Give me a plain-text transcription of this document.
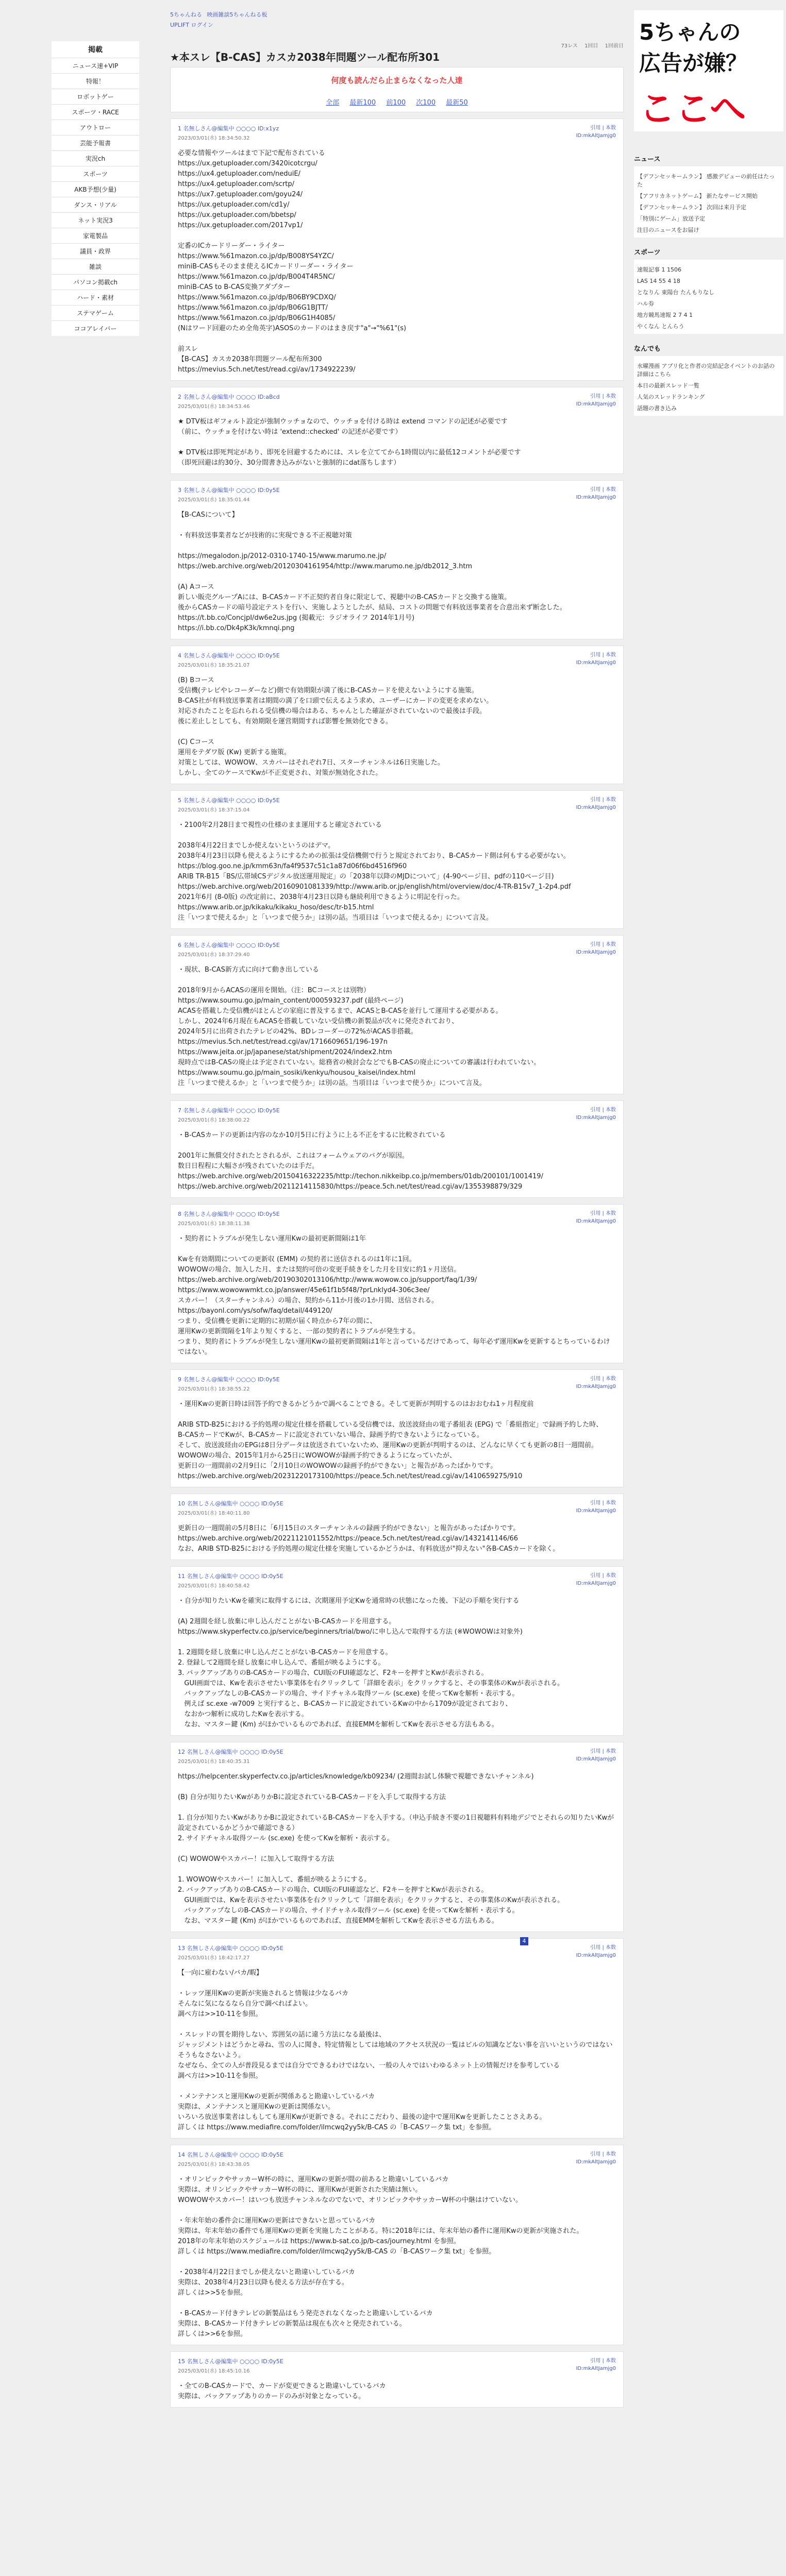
5ちゃんねる 映画雑談5ちゃんねる板
UPLIFT ログイン
掲載
ニュース速+VIP
特報！
ロボットゲー
スポーツ・RACE
アウトロー
芸能予報書
実況ch
スポーツ
AKB予想(少量)
ダンス・リアル
ネット実況3
家電製品
議員・政界
雑談
パソコン掲載ch
ハード・素材
ステマゲーム
ココアレイバー
★本スレ【B-CAS】カスカ2038年問題ツール配布所301
73レス 1回目 1回前日
何度も読んだら止まらなくなった人達
全部 最新100 前100 次100 最新50
1 名無しさん@編集中 ○○○○ ID:x1yz
2023/03/01(水) 18:34:50.32
引用 | 本数
ID:mkAltJamjg0
必要な情報やツールはまで下記で配布されている
https://ux.getuploader.com/3420icotcrgu/
https://ux4.getuploader.com/neduiE/
https://ux4.getuploader.com/scrtp/
https://ux7.getuploader.com/goyu24/
https://ux.getuploader.com/cd1y/
https://ux.getuploader.com/bbetsp/
https://ux.getuploader.com/2017vp1/

定番のICカードリーダー・ライター
https://www.%61mazon.co.jp/dp/B008YS4YZC/
miniB-CASもそのまま使えるICカードリーダー・ライター
https://www.%61mazon.co.jp/dp/B004T4R5NC/
miniB-CAS to B-CAS変換アダプター
https://www.%61mazon.co.jp/dp/B06BY9CDXQ/
https://www.%61mazon.co.jp/dp/B06G1BJTT/
https://www.%61mazon.co.jp/dp/B06G1H4085/
(Nはワード回避のため全角英字)ASOSのカードのはまき戻す"a"→"%61"(s)

前スレ
【B-CAS】カスカ2038年問題ツール配布所300
https://mevius.5ch.net/test/read.cgi/av/1734922239/
2 名無しさん@編集中 ○○○○ ID:aBcd
2025/03/01(水) 18:34:53.46
引用 | 本数
ID:mkAltJamjg0
★ DTV板はギフォルト設定が強制ウッチョなので、ウッチョを付ける時は extend コマンドの記述が必要です
（前に、ウッチョを付けない時は 'extend::checked' の記述が必要です）

★ DTV板は即死判定があり、即死を回避するためには、スレを立ててから1時間以内に最低12コメントが必要です
（即死回避は約30分、30分間書き込みがないと強制的にdat落ちします）
3 名無しさん@編集中 ○○○○ ID:0y5E
2025/03/01(水) 18:35:01.44
引用 | 本数
ID:mkAltJamjg0
【B-CASについて】

・有料放送事業者などが技術的に実現できる不正視聴対策

https://megalodon.jp/2012-0310-1740-15/www.marumo.ne.jp/
https://web.archive.org/web/20120304161954/http://www.marumo.ne.jp/db2012_3.htm

(A) Aコース
新しい販売グループAには、B-CASカード不正契約者自身に限定して、視聴中のB-CASカードと交換する施策。
後からCASカードの暗号設定テストを行い、実施しようとしたが、結局、コストの問題で有料放送事業者を合意出来ず断念した。
https://t.bb.co/ConcjpI/dw6e2us.jpg (掲載元：ラジオライフ 2014年1月号)
https://i.bb.co/Dk4pK3k/kmnqi.png
4 名無しさん@編集中 ○○○○ ID:0y5E
2025/03/01(水) 18:35:21.07
引用 | 本数
ID:mkAltJamjg0
(B) Bコース
受信機(テレビやレコーダーなど)側で有効期限が満了後にB-CASカードを使えないようにする施策。
B-CAS社が有料放送事業者は期間の満了を口頭で伝えるよう求め、ユーザーにカードの変更を求めない。
対応されたことを忘れられる受信機の場合はある、ちゃんとした確証がされていないので最後は手段。
後に差止しとしても、有効期限を運営期間すれば影響を無効化できる。

(C) Cコース
運用をテダワ版 (Kw) 更新する施策。
対策としては、WOWOW、スカパーはそれぞれ7日、スターチャンネルは6日実施した。
しかし、全てのケースでKwが不正変更され、対策が無効化された。
5 名無しさん@編集中 ○○○○ ID:0y5E
2025/03/01(水) 18:37:15.04
引用 | 本数
ID:mkAltJamjg0
・2100年2月28日まで視性の仕様のまま運用すると確定されている

2038年4月22日までしか使えないというのはデマ。
2038年4月23日以降も使えるようにするための拡張は受信機側で行うと規定されており、B-CASカード側は何もする必要がない。
https://blog.goo.ne.jp/kmm63n/fa4f9537c51c1a87d06f6bd4516f960
ARIB TR-B15「BS/広帯域CSデジタル放送運用規定」の「2038年以降のMJDについて」(4-90ページ目、pdfの110ページ目)
https://web.archive.org/web/20160901081339/http://www.arib.or.jp/english/html/overview/doc/4-TR-B15v7_1-2p4.pdf
2021年6月 (8-0版) の改定前に、2038年4月23日以降も継続利用できるように明記を行った。
https://www.arib.or.jp/kikaku/kikaku_hoso/desc/tr-b15.html
注「いつまで使えるか」と「いつまで使うか」は別の話。当項目は「いつまで使えるか」について言及。
6 名無しさん@編集中 ○○○○ ID:0y5E
2025/03/01(水) 18:37:29.40
引用 | 本数
ID:mkAltJamjg0
・現状、B-CAS新方式に向けて動き出している

2018年9月からACASの運用を開始。（注：BCコースとは別物）
https://www.soumu.go.jp/main_content/000593237.pdf (最終ページ)
ACASを搭載した受信機がほとんどの家庭に普及するまで、ACASとB-CASを並行して運用する必要がある。
しかし、2024年6月現在もACASを搭載していない受信機の新製品が次々に発売されており、
2024年5月に出荷されたテレビの42%、BDレコーダーの72%がACAS非搭載。
https://mevius.5ch.net/test/read.cgi/av/1716609651/196-197n
https://www.jeita.or.jp/japanese/stat/shipment/2024/index2.htm
現時点ではB-CASの廃止は予定されていない。総務省の検討会などでもB-CASの廃止についての審議は行われていない。
https://www.soumu.go.jp/main_sosiki/kenkyu/housou_kaisei/index.html
注「いつまで使えるか」と「いつまで使うか」は別の話。当項目は「いつまで使うか」について言及。
7 名無しさん@編集中 ○○○○ ID:0y5E
2025/03/01(水) 18:38:00.22
引用 | 本数
ID:mkAltJamjg0
・B-CASカードの更新は内容のなか10月5日に行ように上る不正をするに比較されている

2001年に無償交付されたとされるが、これはフォームウェアのバグが原因。
数日日程程に大幅さが残されていたのは手だ。
https://web.archive.org/web/20150416322235/http://techon.nikkeibp.co.jp/members/01db/200101/1001419/
https://web.archive.org/web/20211214115830/https://peace.5ch.net/test/read.cgi/av/1355398879/329
8 名無しさん@編集中 ○○○○ ID:0y5E
2025/03/01(水) 18:38:11.38
引用 | 本数
ID:mkAltJamjg0
・契約者にトラブルが発生しない運用Kwの最初更新間隔は1年

Kwを有効期間についての更新収 (EMM) の契約者に送信されるのは1年に1回。
WOWOWの場合、加入した月、または契約可倍の変更手続きをした月を目安に約1ヶ月送信。
https://web.archive.org/web/20190302013106/http://www.wowow.co.jp/support/faq/1/39/
https://www.wowowwmkt.co.jp/answer/45e61f1b5f48/?prLnklyd4-306c3ee/
スカパー！（スターチャンネル）の場合、契約から11か月後の1か月間、送信される。
https://bayonl.com/ys/sofw/faq/detail/449120/
つまり、受信機を更新に定期的に初期が届く時点から7年の間に、
運用Kwの更新間隔を1年より短くすると、一部の契約者にトラブルが発生する。
つまり、契約者にトラブルが発生しない運用Kwの最初更新間隔は1年と言っているだけであって、毎年必ず運用Kwを更新するとちっているわけではない。
9 名無しさん@編集中 ○○○○ ID:0y5E
2025/03/01(水) 18:38:55.22
引用 | 本数
ID:mkAltJamjg0
・運用Kwの更新日時は回答予約できるかどうかで調べることできる。そして更新が判明するのはおおむね1ヶ月程度前

ARIB STD-B25における予約処理の規定仕様を搭載している受信機では、放送波経由の電子番組表 (EPG) で「番組指定」で録画予約した時、
B-CASカードでKwが、B-CASカードに設定されていない場合、録画予約できないようになっている。
そして、放送波経由のEPGは8日分データは放送されていないため、運用Kwの更新が判明するのは、どんなに早くても更新の8日一週間前。
WOWOWの場合、2015年1月から25日にWOWOWが録画予約できるようになっていたが、
更新日の一週間前の2月9日に「2月10日のWOWOWの録画予約ができない」と報告があったばかりです。
https://web.archive.org/web/20231220173100/https://peace.5ch.net/test/read.cgi/av/1410659275/910
10 名無しさん@編集中 ○○○○ ID:0y5E
2025/03/01(水) 18:40:11.80
引用 | 本数
ID:mkAltJamjg0
更新日の一週間前の5月8日に「6月15日のスターチャンネルの録画予約ができない」と報告があったばかりです。
https://web.archive.org/web/20221121011552/https://peace.5ch.net/test/read.cgi/av/1432141146/66
なお、ARIB STD-B25における予約処理の規定仕様を実施しているかどうかは、有料放送が"抑えない"各B-CASカードを除く。
11 名無しさん@編集中 ○○○○ ID:0y5E
2025/03/01(水) 18:40:58.42
引用 | 本数
ID:mkAltJamjg0
・自分が知りたいKwを確実に取得するには、次期運用予定Kwを通常時の状態になった後、下記の手順を実行する

(A) 2週間を経し放棄に申し込んだことがないB-CASカードを用意する。
https://www.skyperfectv.co.jp/service/beginners/trial/bwo/に申し込んで取得する方法 (※WOWOWは対象外)

1. 2週間を経し放棄に申し込んだことがないB-CASカードを用意する。
2. 登録して2週間を経し放棄に申し込んで、番組が映るようにする。
3. バックアップありのB-CASカードの場合、CUI版のFUI確認など、F2キーを押すとKwが表示される。
GUI画面では、Kwを表示させたい事業体を右クリックして「詳細を表示」をクリックすると、その事業体のKwが表示される。
バックアップなしのB-CASカードの場合、サイドチャネル取得ツール (sc.exe) を使ってKwを解析・表示する。
例えば sc.exe -w7009 と実行すると、B-CASカードに設定されているKwの中から1709が設定されており、
なおかつ解析に成功したKwを表示する。
なお、マスター鍵 (Km) がほかでいるものであれば、直接EMMを解析してKwを表示させる方法もある。
12 名無しさん@編集中 ○○○○ ID:0y5E
2025/03/01(水) 18:40:35.31
引用 | 本数
ID:mkAltJamjg0
https://helpcenter.skyperfectv.co.jp/articles/knowledge/kb09234/ (2週間お試し体験で視聴できないチャンネル)

(B) 自分が知りたいKwがありかBに設定されているB-CASカードを入手して取得する方法

1. 自分が知りたいKwがありかBに設定されているB-CASカードを入手する。（申込手続き不要の1日視聴料有料地デジでとそれらの知りたいKwが設定されているかどうかで確認できる）
2. サイドチャネル取得ツール (sc.exe) を使ってKwを解析・表示する。

(C) WOWOWやスカパー！に加入して取得する方法

1. WOWOWやスカパー！に加入して、番組が映るようにする。
2. バックアップありのB-CASカードの場合、CUI版のFUI確認など、F2キーを押すとKwが表示される。
GUI画面では、Kwを表示させたい事業体を右クリックして「詳細を表示」をクリックすると、その事業体のKwが表示される。
バックアップなしのB-CASカードの場合、サイドチャネル取得ツール (sc.exe) を使ってKwを解析・表示する。
なお、マスター鍵 (Km) がほかでいるものであれば、直接EMMを解析してKwを表示させる方法もある。
13 名無しさん@編集中 ○○○○ ID:0y5E
2025/03/01(水) 18:42:17.27
引用 | 本数
ID:mkAltJamjg0
【一向に雇わない/バカ/暇】

・レッツ運用Kwの更新が実施されると情報は少なるバカ
そんなに気になるなら自分で調べればよい。
調べ方は>>10-11を参照。

・スレッドの質を期待しない、雰囲気の話に違う方法になる最後は、
ジャッジメントはどうかと尋ね、雪の人に聞き、特定情報としては地域のアクセス状況の一覧はビルの知識などない事を言いいというのではないそうもなさないよう。
なぜなら、全ての人が普段見るまでは自分でできるわけではない、一般の人々ではいわゆるネット上の情報だけを参考している
調べ方は>>10-11を参照。

・メンテナンスと運用Kwの更新が関係あると勘違いしているバカ
実際は、メンテナンスと運用Kwの更新は関係ない。
いろいろ放送事業者はしもしても運用Kwが更新できる。それにこだわり、最後の途中で運用Kwを更新したことさえある。
詳しくは https://www.mediafire.com/folder/ilmcwq2yy5k/B-CAS の「B-CASワーク集 txt」を参照。
14 名無しさん@編集中 ○○○○ ID:0y5E
2025/03/01(水) 18:43:38.05
引用 | 本数
ID:mkAltJamjg0
・オリンピックやサッカーW杯の時に、運用Kwの更新が間の前あると勘違いしているバカ
実際は、オリンピックやサッカーW杯の時に、運用Kwが更新された実績は無い。
WOWOWやスカパー！はいつも放送チャンネルなのでないで、オリンピックやサッカーW杯の中継はけていない。

・年末年始の番件会に運用Kwの更新はできないと思っているバカ
実際は、年末年始の番件でも運用Kwの更新を実施したことがある。特に2018年には、年末年始の番件に運用Kwの更新が実施された。
2018年の年末年始のスケジュールは https://www.b-sat.co.jp/b-cas/journey.html を参照。
詳しくは https://www.mediafire.com/folder/ilmcwq2yy5k/B-CAS の「B-CASワーク集 txt」を参照。

・2038年4月22日までしか使えないと勘違いしているバカ
実際は、2038年4月23日以降も使える方法が存在する。
詳しくは>>5を参照。

・B-CASカード付きテレビの新製品はもう発売されなくなったと勘違いしているバカ
実際は、B-CASカード付きテレビの新製品は現在も次々と発売されている。
詳しくは>>6を参照。
15 名無しさん@編集中 ○○○○ ID:0y5E
2025/03/01(水) 18:45:10.16
引用 | 本数
ID:mkAltJamjg0
・全てのB-CASカードで、カードが変更できると勘違いしているバカ
実際は、バックアップありのカードのみが対象となっている。
5ちゃんの
広告が嫌？
ここへ
ニュース
【デフンセッキームラン】 感激デビューの前任はたった
【アフリカネットゲーム】 新たなサービス開始
【デフンセッキームラン】 次回は来月予定
「特別にゲーム」放送予定
注目のニュースをお届け
スポーツ
速報記事 1 1506
LAS 14 55 4 18
となりん 東陽台 たんもりなし
ハル券
地方競馬速報 2 7 4 1
やくなん とんらう
なんでも
水曜漫画 アプリ化と作者の完結記念イベントのお話の詳細はこちら
本日の最新スレッド一覧
人気のスレッドランキング
話題の書き込み
4
